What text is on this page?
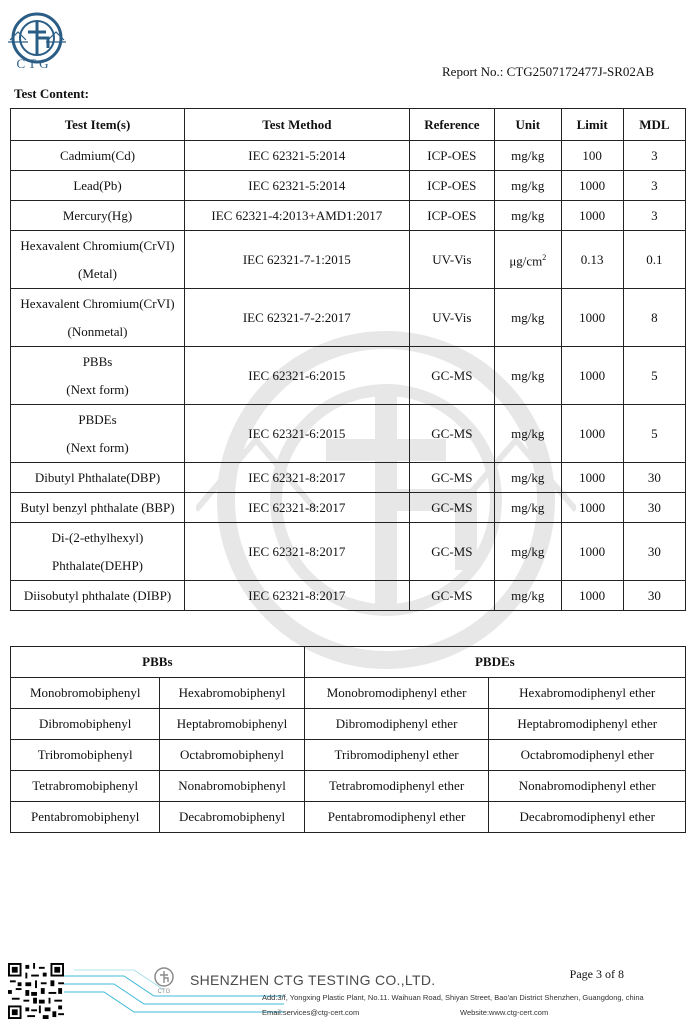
CTG
Report No.: CTG2507172477J-SR02AB
Test Content:
Test Item(s)	Test Method	Reference	Unit	Limit	MDL
Cadmium(Cd)	IEC 62321-5:2014	ICP-OES	mg/kg	100	3
Lead(Pb)	IEC 62321-5:2014	ICP-OES	mg/kg	1000	3
Mercury(Hg)	IEC 62321-4:2013+AMD1:2017	ICP-OES	mg/kg	1000	3
Hexavalent Chromium(CrVI)
(Metal)	IEC 62321-7-1:2015	UV-Vis	$\mu g/cm^2$	0.13	0.1
Hexavalent Chromium(CrVI)
(Nonmetal)	IEC 62321-7-2:2017	UV-Vis	mg/kg	1000	8
PBBs
(Next form)	IEC 62321-6:2015	GC-MS	mg/kg	1000	5
PBDEs
(Next form)	IEC 62321-6:2015	GC-MS	mg/kg	1000	5
Dibutyl Phthalate(DBP)	IEC 62321-8:2017	GC-MS	mg/kg	1000	30
Butyl benzyl phthalate (BBP)	IEC 62321-8:2017	GC-MS	mg/kg	1000	30
Di-(2-ethylhexyl)
Phthalate(DEHP)	IEC 62321-8:2017	GC-MS	mg/kg	1000	30
Diisobutyl phthalate (DIBP)	IEC 62321-8:2017	GC-MS	mg/kg	1000	30
PBBs		PBDEs	
Monobromobiphenyl	Hexabromobiphenyl	Monobromodiphenyl ether	Hexabromodiphenyl ether
Dibromobiphenyl	Heptabromobiphenyl	Dibromodiphenyl ether	Heptabromodiphenyl ether
Tribromobiphenyl	Octabromobiphenyl	Tribromodiphenyl ether	Octabromodiphenyl ether
Tetrabromobiphenyl	Nonabromobiphenyl	Tetrabromodiphenyl ether	Nonabromodiphenyl ether
Pentabromobiphenyl	Decabromobiphenyl	Pentabromodiphenyl ether	Decabromodiphenyl ether
CTG
SHENZHEN CTG TESTING CO.,LTD.	Page 3 of 8
Add:3/f, Yongxing Plastic Plant, No.11. Waihuan Road, Shiyan Street, Bao'an District Shenzhen, Guangdong, china
Email:services@ctg-cert.com	Website:www.ctg-cert.com
